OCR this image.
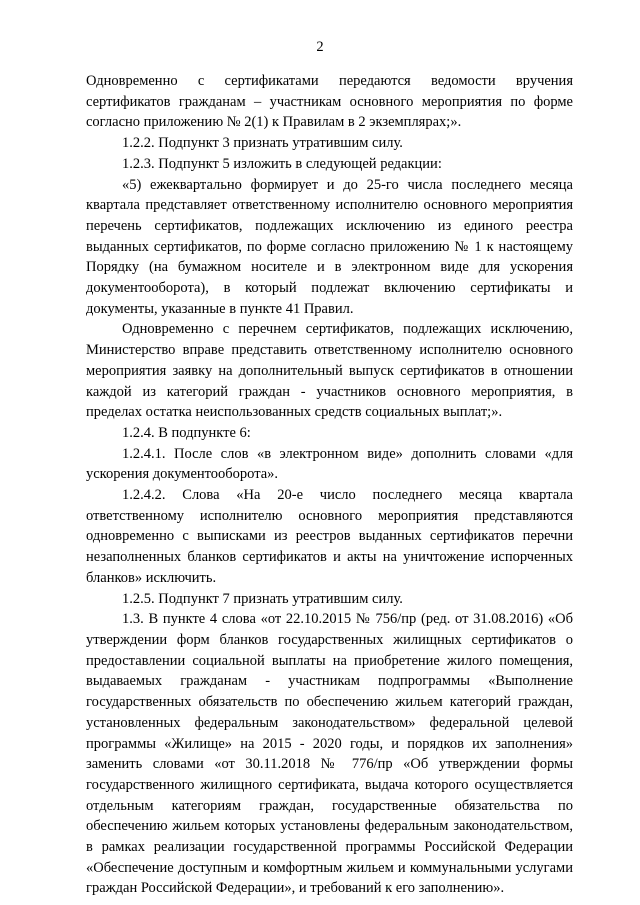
2

Одновременно с сертификатами передаются ведомости вручения сертификатов гражданам – участникам основного мероприятия по форме согласно приложению № 2(1) к Правилам в 2 экземплярах;».

1.2.2. Подпункт 3 признать утратившим силу.

1.2.3. Подпункт 5 изложить в следующей редакции:

«5) ежеквартально формирует и до 25-го числа последнего месяца квартала представляет ответственному исполнителю основного мероприятия перечень сертификатов, подлежащих исключению из единого реестра выданных сертификатов, по форме согласно приложению № 1 к настоящему Порядку (на бумажном носителе и в электронном виде для ускорения документооборота), в который подлежат включению сертификаты и документы, указанные в пункте 41 Правил.

Одновременно с перечнем сертификатов, подлежащих исключению, Министерство вправе представить ответственному исполнителю основного мероприятия заявку на дополнительный выпуск сертификатов в отношении каждой из категорий граждан - участников основного мероприятия, в пределах остатка неиспользованных средств социальных выплат;».

1.2.4. В подпункте 6:

1.2.4.1. После слов «в электронном виде» дополнить словами «для ускорения документооборота».

1.2.4.2. Слова «На 20-е число последнего месяца квартала ответственному исполнителю основного мероприятия представляются одновременно с выписками из реестров выданных сертификатов перечни незаполненных бланков сертификатов и акты на уничтожение испорченных бланков» исключить.

1.2.5. Подпункт 7 признать утратившим силу.

1.3. В пункте 4 слова «от 22.10.2015 № 756/пр (ред. от 31.08.2016) «Об утверждении форм бланков государственных жилищных сертификатов о предоставлении социальной выплаты на приобретение жилого помещения, выдаваемых гражданам - участникам подпрограммы «Выполнение государственных обязательств по обеспечению жильем категорий граждан, установленных федеральным законодательством» федеральной целевой программы «Жилище» на 2015 - 2020 годы, и порядков их заполнения» заменить словами «от 30.11.2018 № 776/пр «Об утверждении формы государственного жилищного сертификата, выдача которого осуществляется отдельным категориям граждан, государственные обязательства по обеспечению жильем которых установлены федеральным законодательством, в рамках реализации государственной программы Российской Федерации «Обеспечение доступным и комфортным жильем и коммунальными услугами граждан Российской Федерации», и требований к его заполнению».
